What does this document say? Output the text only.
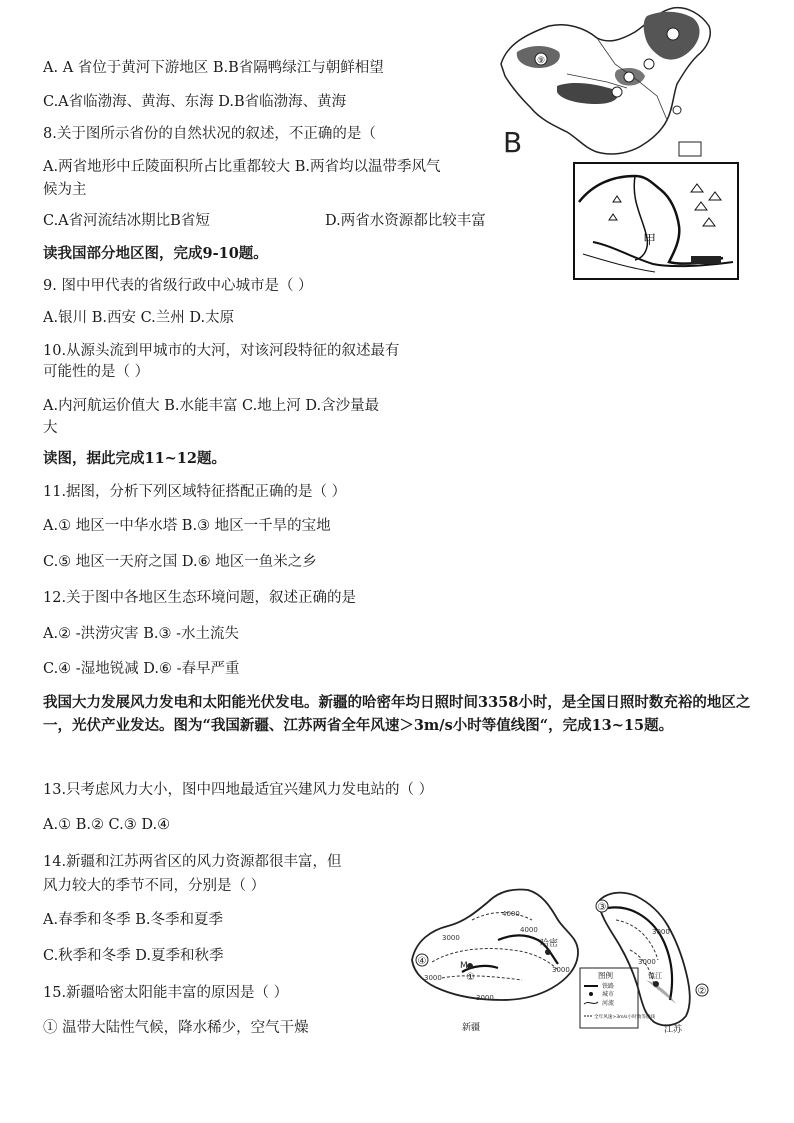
A. A 省位于黄河下游地区 B.B省隔鸭绿江与朝鲜相望
C.A省临渤海、黄海、东海 D.B省临渤海、黄海
8.关于图所示省份的自然状况的叙述，不正确的是（
A.两省地形中丘陵面积所占比重都较大 B.两省均以温带季风气
候为主
C.A省河流结冰期比B省短	D.两省水资源都比较丰富
读我国部分地区图，完成9-10题。
9. 图中甲代表的省级行政中心城市是（ ）
A.银川 B.西安 C.兰州 D.太原
10.从源头流到甲城市的大河，对该河段特征的叙述最有
可能性的是（ ）
A.内河航运价值大 B.水能丰富 C.地上河 D.含沙量最
大
读图，据此完成11~12题。
11.据图，分析下列区域特征搭配正确的是（ ）
A.① 地区一中华水塔 B.③ 地区一千旱的宝地
C.⑤ 地区一天府之国 D.⑥ 地区一鱼米之乡
12.关于图中各地区生态环境问题，叙述正确的是
A.② -洪涝灾害 B.③ -水土流失
C.④ -湿地锐减 D.⑥ -春早严重
我国大力发展风力发电和太阳能光伏发电。新疆的哈密年均日照时间3358小时，是全国日照时数充裕的地区之一，光伏产业发达。图为“我国新疆、江苏两省全年风速＞3m/s小时等值线图“，完成13~15题。
13.只考虑风力大小，图中四地最适宜兴建风力发电站的（ ）
A.① B.② C.③ D.④
14.新疆和江苏两省区的风力资源都很丰富，但
风力较大的季节不同，分别是（ ）
A.春季和冬季 B.冬季和夏季
C.秋季和冬季 D.夏季和秋季
15.新疆哈密太阳能丰富的原因是（ ）
① 温带大陆性气候，降水稀少，空气干燥
⑨
B
甲
④
①
M
哈密
4000
3000
4000
3000
新疆
图例
铁路
城市
河流
全年风速>3m/s小时数等值线
③
镇江
②
3000
3000
3000
3000
江苏
